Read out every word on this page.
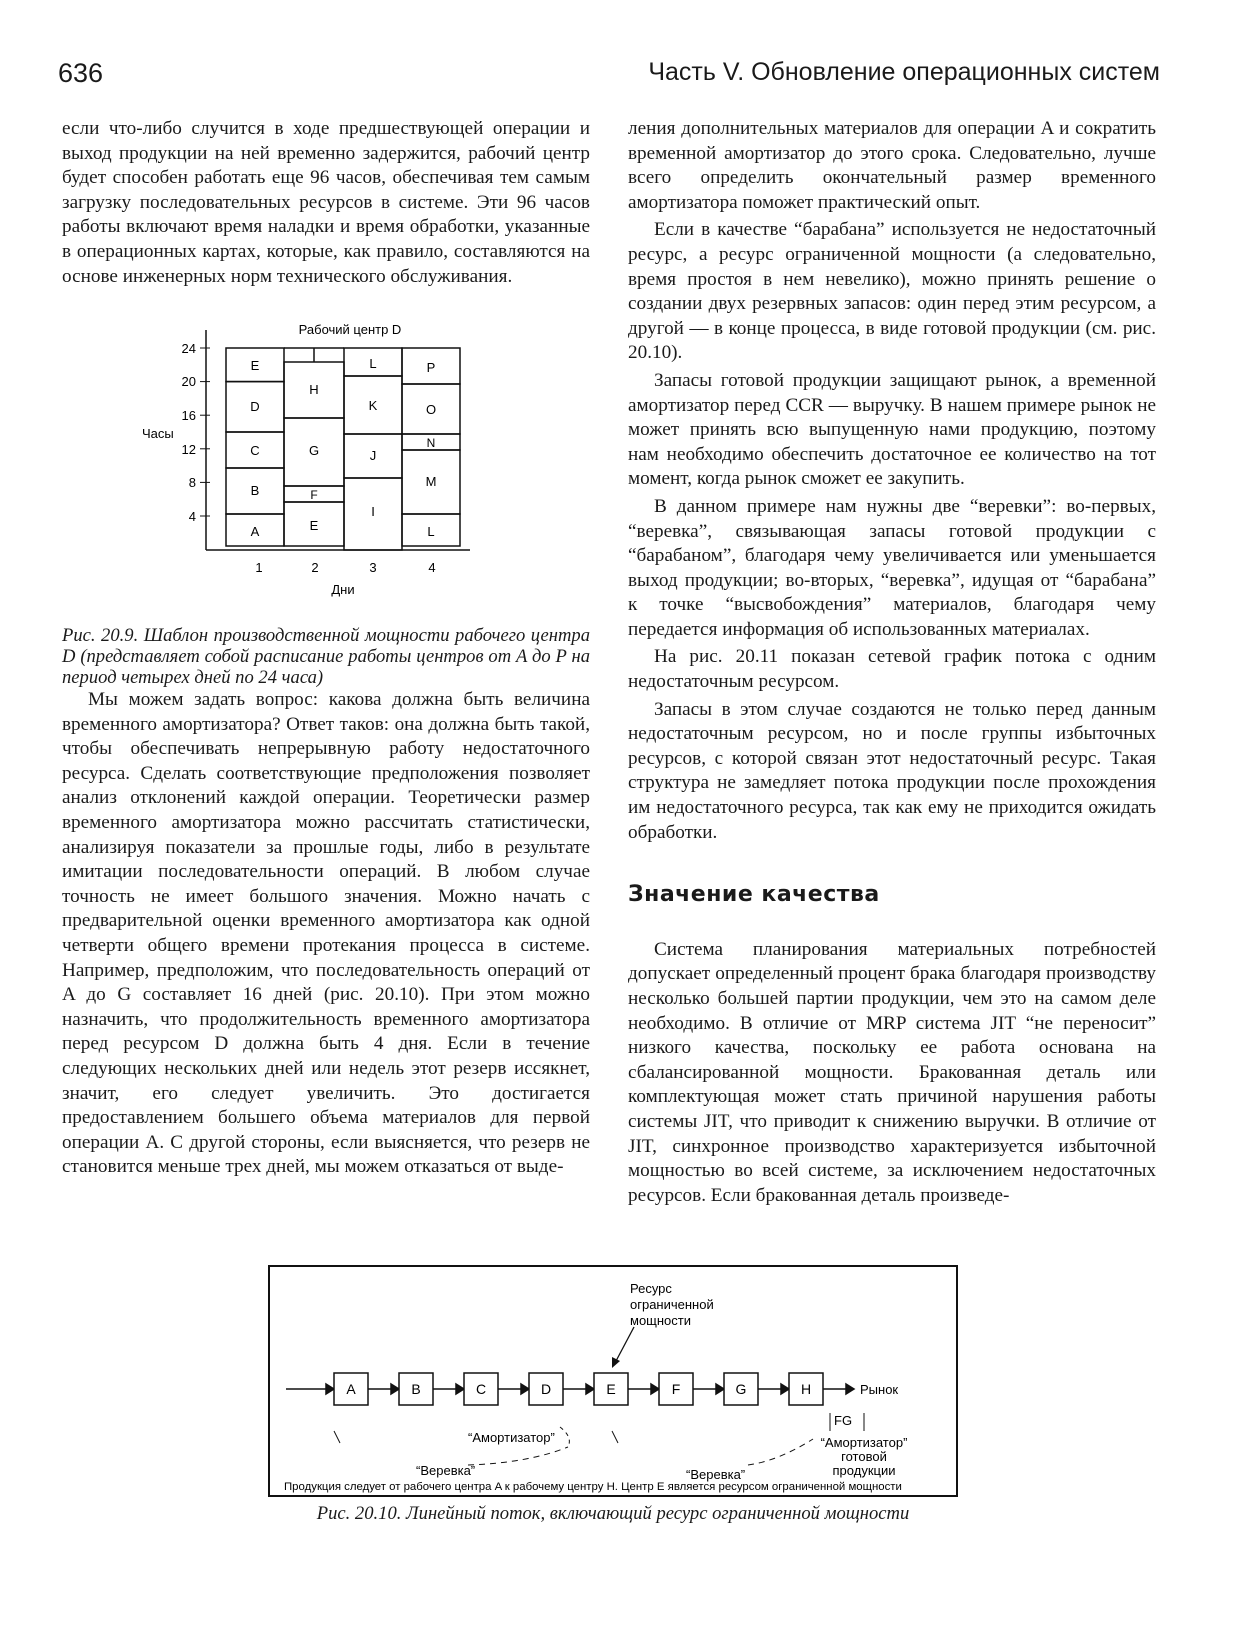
636	Часть V. Обновление операционных систем

если что-либо случится в ходе предшествующей операции и выход продукции на ней временно задержится, рабочий центр будет способен работать еще 96 часов, обеспечивая тем самым загрузку последовательных ресурсов в системе. Эти 96 часов работы включают время наладки и время обработки, указанные в операционных картах, которые, как правило, составляются на основе инженерных норм технического обслуживания.

Рабочий центр D
Часы
24
20
16
12
8
4
E
D
C
B
A
H
G
F
E
L
K
J
I
P
O
N
M
L
1	2	3	4
Дни
Рис. 20.9. Шаблон производственной мощности рабочего центра D (представляет собой расписание работы центров от A до P на период четырех дней по 24 часа)

Мы можем задать вопрос: какова должна быть величина временного амортизатора? Ответ таков: она должна быть такой, чтобы обеспечивать непрерывную работу недостаточного ресурса. Сделать соответствующие предположения позволяет анализ отклонений каждой операции. Теоретически размер временного амортизатора можно рассчитать статистически, анализируя показатели за прошлые годы, либо в результате имитации последовательности операций. В любом случае точность не имеет большого значения. Можно начать с предварительной оценки временного амортизатора как одной четверти общего времени протекания процесса в системе. Например, предположим, что последовательность операций от A до G составляет 16 дней (рис. 20.10). При этом можно назначить, что продолжительность временного амортизатора перед ресурсом D должна быть 4 дня. Если в течение следующих нескольких дней или недель этот резерв иссякнет, значит, его следует увеличить. Это достигается предоставлением большего объема материалов для первой операции A. С другой стороны, если выясняется, что резерв не становится меньше трех дней, мы можем отказаться от выде-

ления дополнительных материалов для операции A и сократить временной амортизатор до этого срока. Следовательно, лучше всего определить окончательный размер временного амортизатора поможет практический опыт.

Если в качестве “барабана” используется не недостаточный ресурс, а ресурс ограниченной мощности (а следовательно, время простоя в нем невелико), можно принять решение о создании двух резервных запасов: один перед этим ресурсом, а другой — в конце процесса, в виде готовой продукции (см. рис. 20.10).

Запасы готовой продукции защищают рынок, а временной амортизатор перед CCR — выручку. В нашем примере рынок не может принять всю выпущенную нами продукцию, поэтому нам необходимо обеспечить достаточное ее количество на тот момент, когда рынок сможет ее закупить.

В данном примере нам нужны две “веревки”: во-первых, “веревка”, связывающая запасы готовой продукции с “барабаном”, благодаря чему увеличивается или уменьшается выход продукции; во-вторых, “веревка”, идущая от “барабана” к точке “высвобождения” материалов, благодаря чему передается информация об использованных материалах.

На рис. 20.11 показан сетевой график потока с одним недостаточным ресурсом.

Запасы в этом случае создаются не только перед данным недостаточным ресурсом, но и после группы избыточных ресурсов, с которой связан этот недостаточный ресурс. Такая структура не замедляет потока продукции после прохождения им недостаточного ресурса, так как ему не приходится ожидать обработки.

Значение качества

Система планирования материальных потребностей допускает определенный процент брака благодаря производству несколько большей партии продукции, чем это на самом деле необходимо. В отличие от MRP система JIT “не переносит” низкого качества, поскольку ее работа основана на сбалансированной мощности. Бракованная деталь или комплектующая может стать причиной нарушения работы системы JIT, что приводит к снижению выручки. В отличие от JIT, синхронное производство характеризуется избыточной мощностью во всей системе, за исключением недостаточных ресурсов. Если бракованная деталь произведе-

Ресурс
ограниченной
мощности
A	B	C	D	E	F	G	H	Рынок
“Амортизатор”
“Веревка”	“Веревка”
FG
“Амортизатор”
готовой
продукции
Продукция следует от рабочего центра A к рабочему центру H. Центр E является ресурсом ограниченной мощности
Рис. 20.10. Линейный поток, включающий ресурс ограниченной мощности
